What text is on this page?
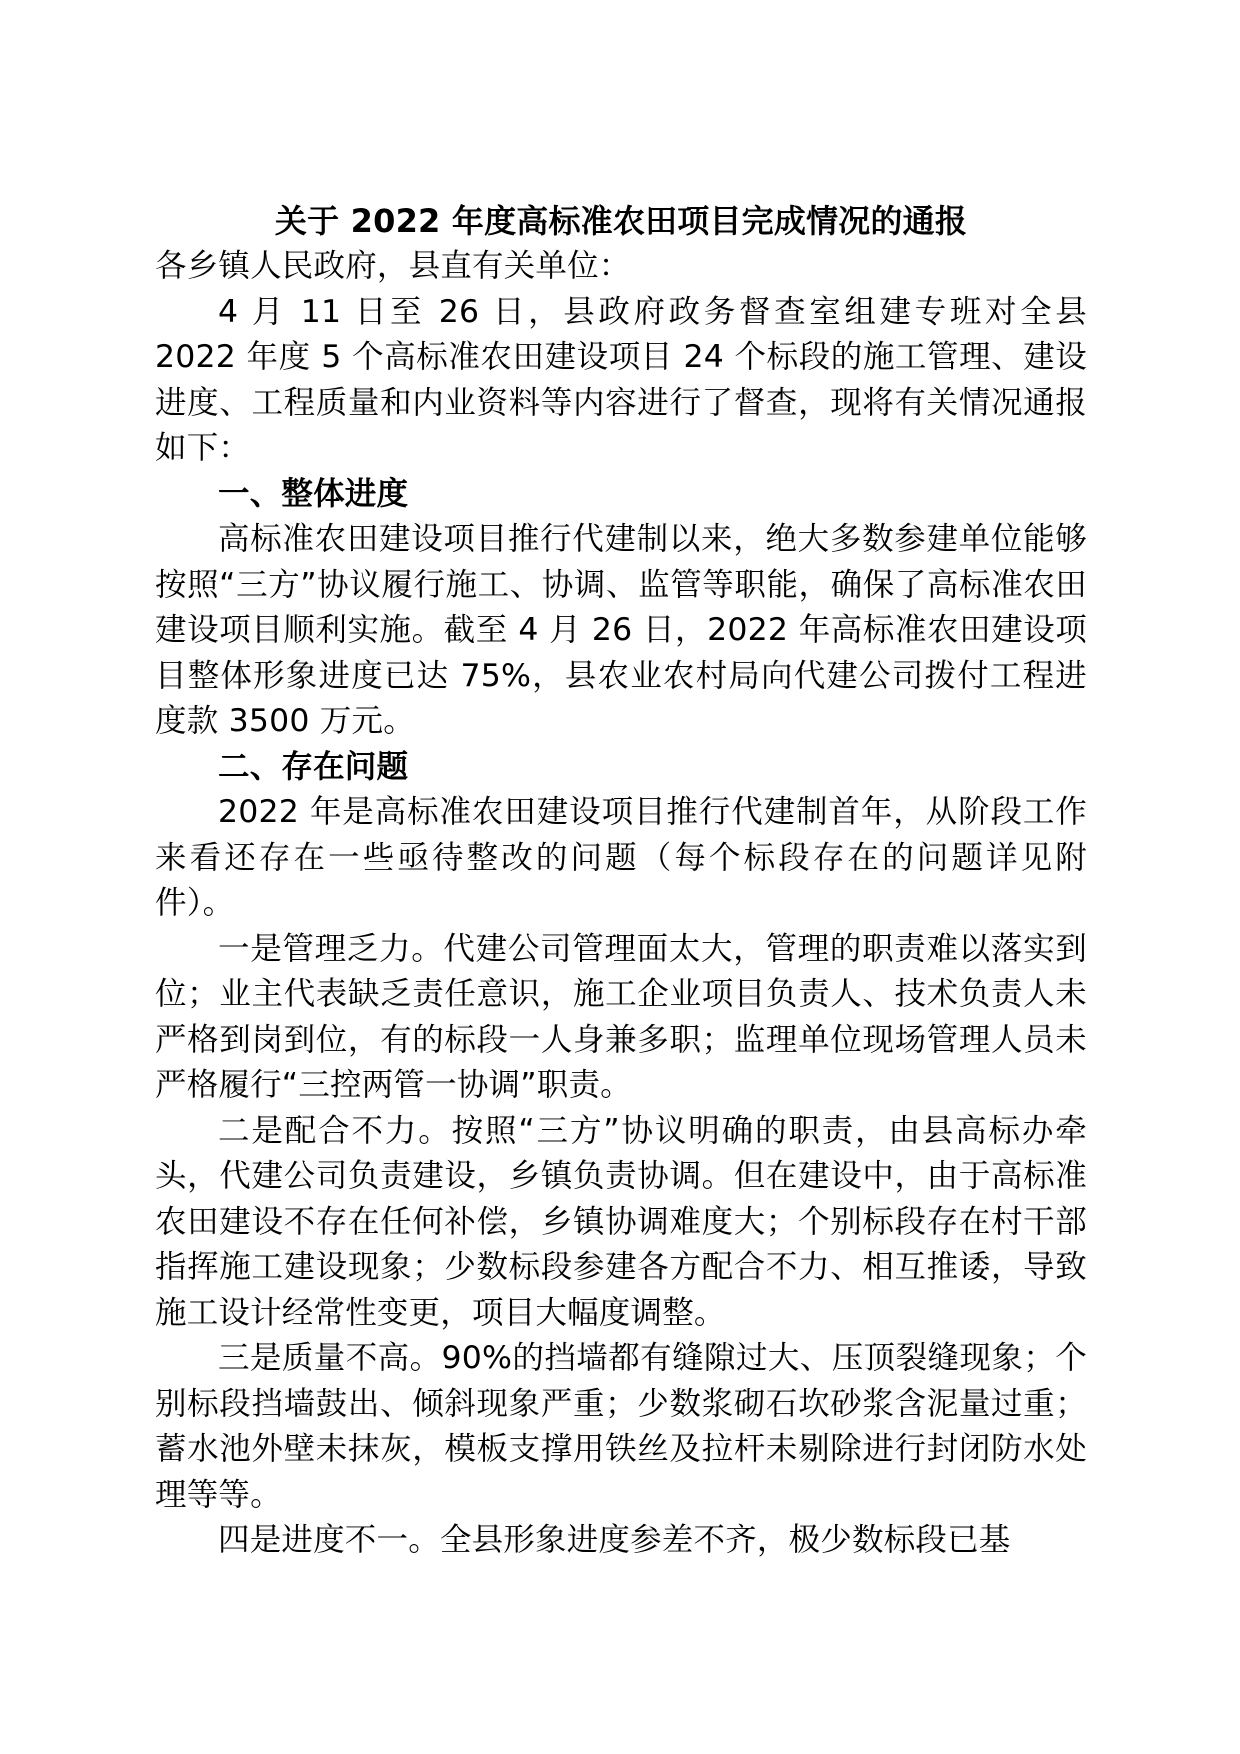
关于 2022 年度高标准农田项目完成情况的通报

各乡镇人民政府，县直有关单位：

4 月 11 日至 26 日，县政府政务督查室组建专班对全县 2022 年度 5 个高标准农田建设项目 24 个标段的施工管理、建设进度、工程质量和内业资料等内容进行了督查，现将有关情况通报如下：

一、整体进度

高标准农田建设项目推行代建制以来，绝大多数参建单位能够按照“三方”协议履行施工、协调、监管等职能，确保了高标准农田建设项目顺利实施。截至 4 月 26 日，2022 年高标准农田建设项目整体形象进度已达 75%，县农业农村局向代建公司拨付工程进度款 3500 万元。

二、存在问题

2022 年是高标准农田建设项目推行代建制首年，从阶段工作来看还存在一些亟待整改的问题（每个标段存在的问题详见附件）。

一是管理乏力。代建公司管理面太大，管理的职责难以落实到位；业主代表缺乏责任意识，施工企业项目负责人、技术负责人未严格到岗到位，有的标段一人身兼多职；监理单位现场管理人员未严格履行“三控两管一协调”职责。

二是配合不力。按照“三方”协议明确的职责，由县高标办牵头，代建公司负责建设，乡镇负责协调。但在建设中，由于高标准农田建设不存在任何补偿，乡镇协调难度大；个别标段存在村干部指挥施工建设现象；少数标段参建各方配合不力、相互推诿，导致施工设计经常性变更，项目大幅度调整。

三是质量不高。90%的挡墙都有缝隙过大、压顶裂缝现象；个别标段挡墙鼓出、倾斜现象严重；少数浆砌石坎砂浆含泥量过重；蓄水池外壁未抹灰，模板支撑用铁丝及拉杆未剔除进行封闭防水处理等等。

四是进度不一。全县形象进度参差不齐，极少数标段已基
